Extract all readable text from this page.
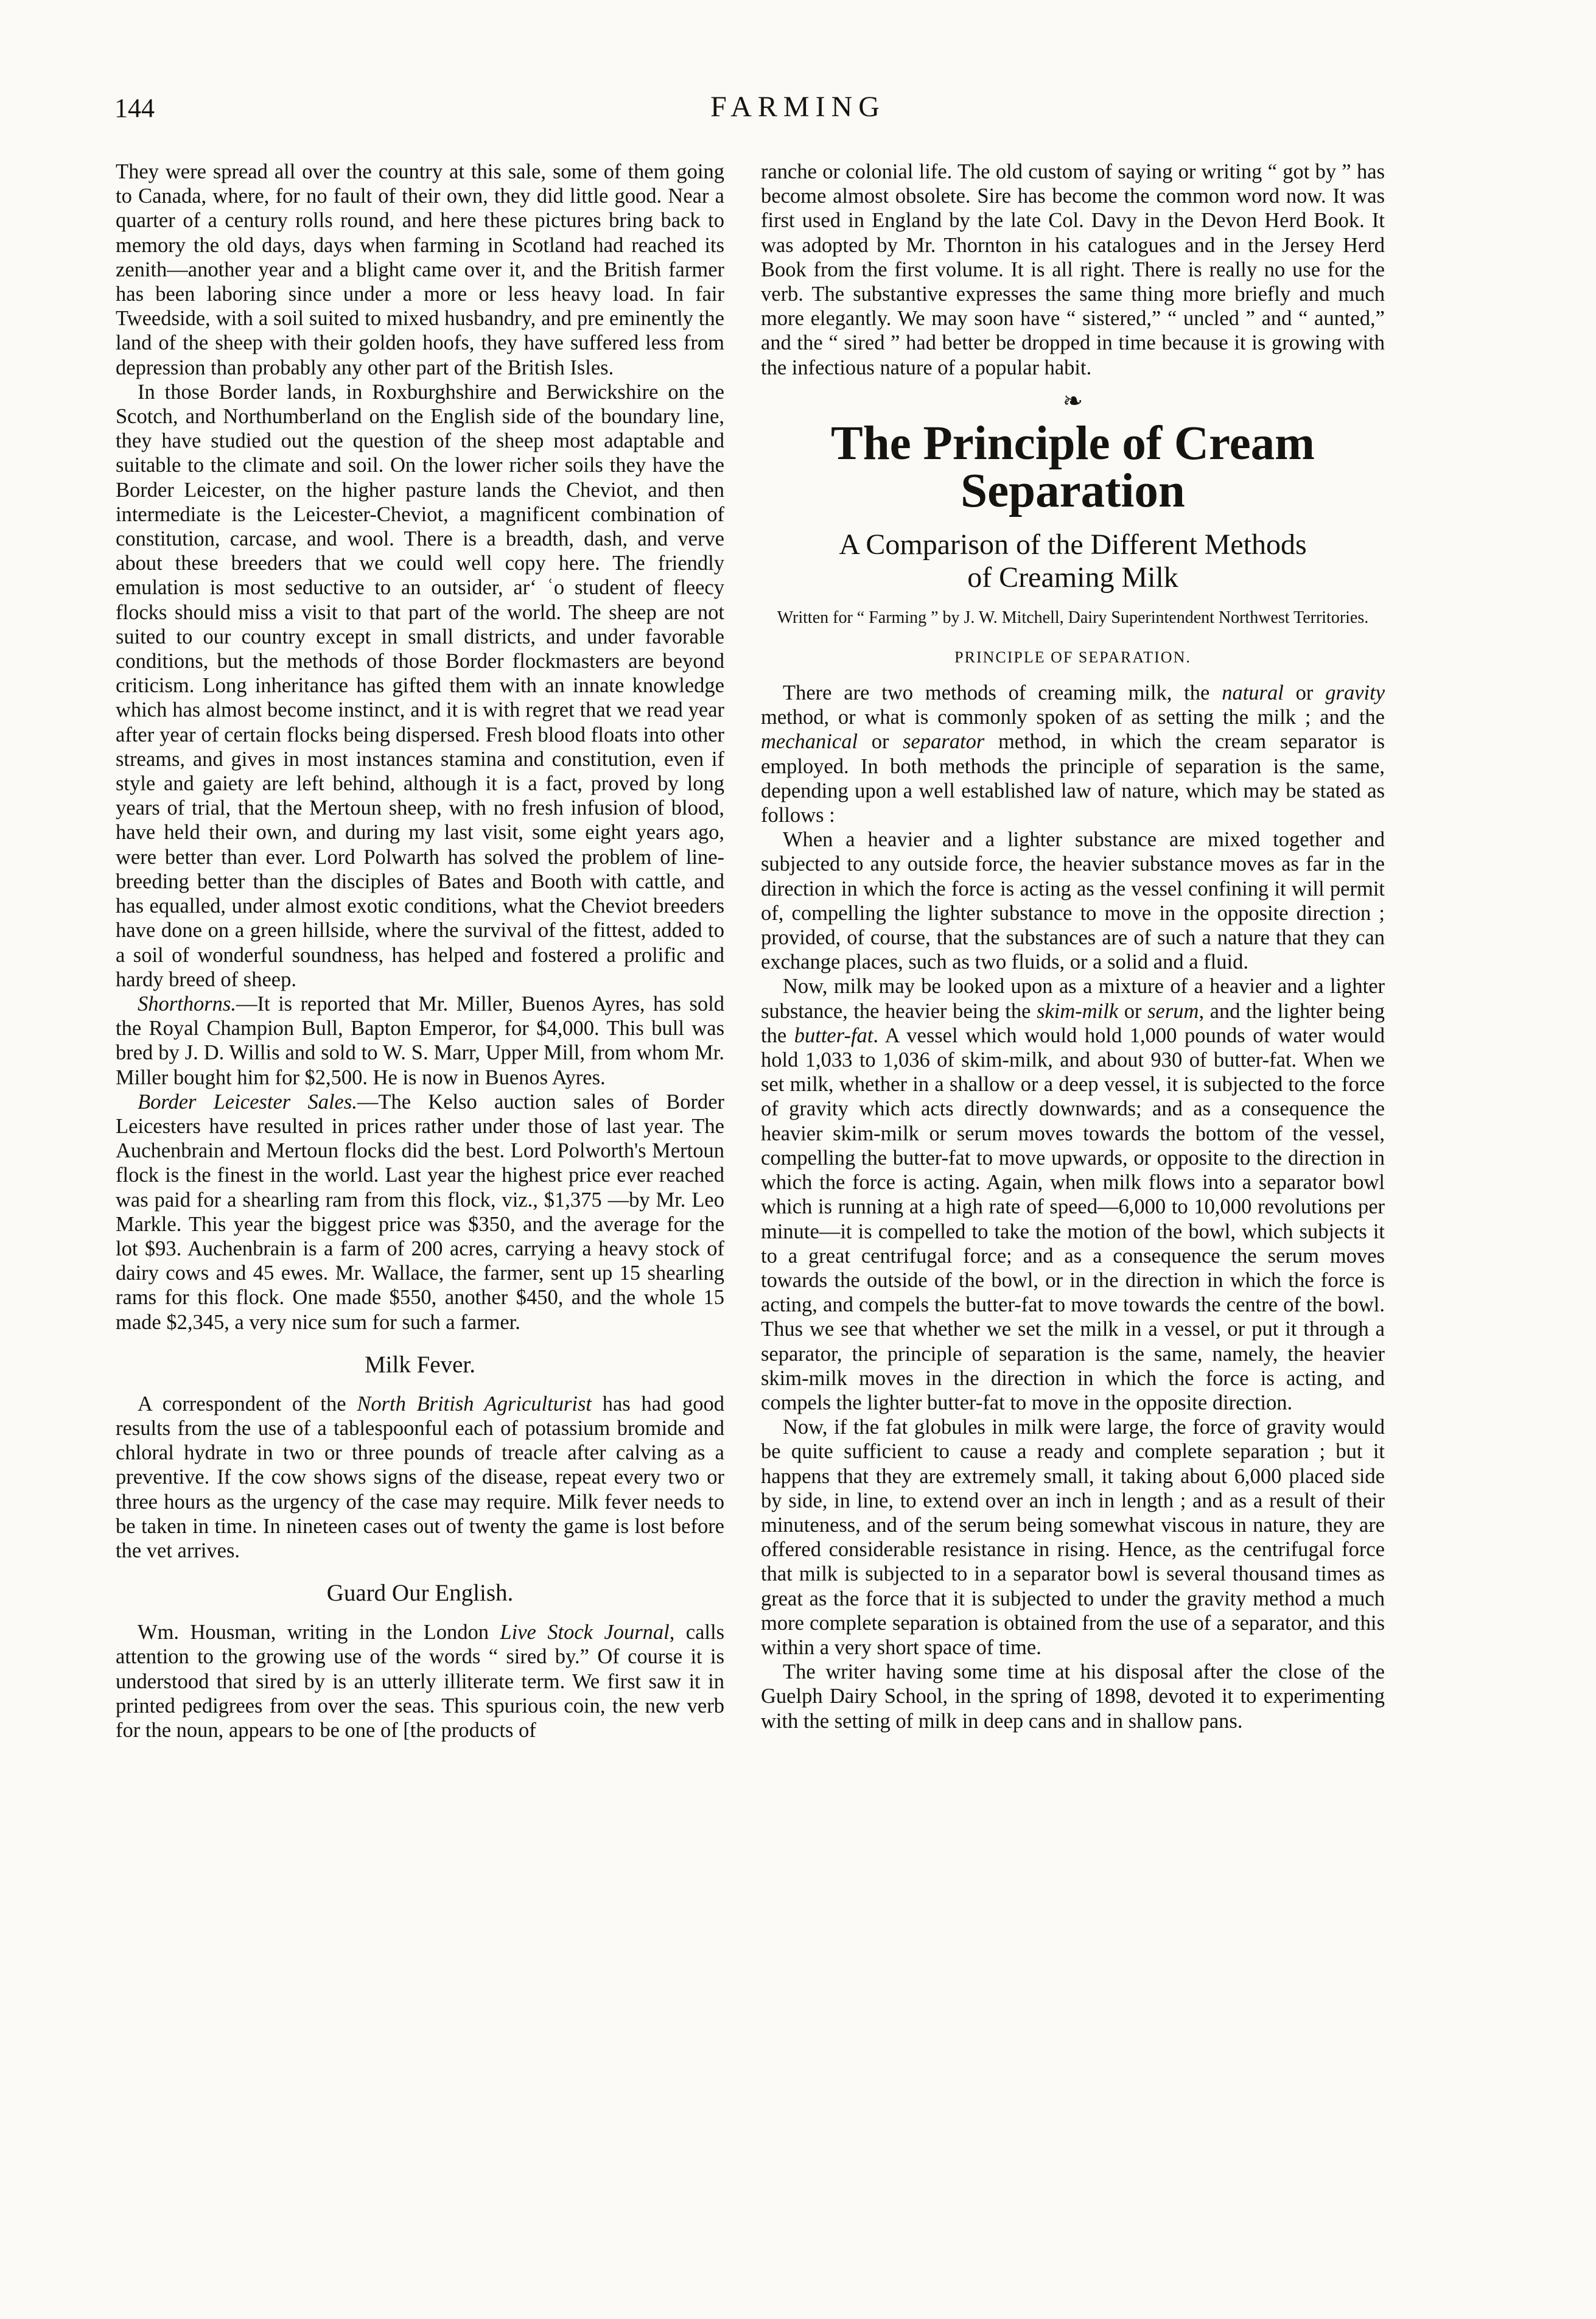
144	FARMING

They were spread all over the country at this sale, some of them going to Canada, where, for no fault of their own, they did little good. Near a quarter of a century rolls round, and here these pictures bring back to memory the old days, days when farming in Scotland had reached its zenith—another year and a blight came over it, and the British farmer has been laboring since under a more or less heavy load. In fair Tweedside, with a soil suited to mixed husbandry, and pre eminently the land of the sheep with their golden hoofs, they have suffered less from depression than probably any other part of the British Isles.

In those Border lands, in Roxburghshire and Berwickshire on the Scotch, and Northumberland on the English side of the boundary line, they have studied out the question of the sheep most adaptable and suitable to the climate and soil. On the lower richer soils they have the Border Leicester, on the higher pasture lands the Cheviot, and then intermediate is the Leicester-Cheviot, a magnificent combination of constitution, carcase, and wool. There is a breadth, dash, and verve about these breeders that we could well copy here. The friendly emulation is most seductive to an outsider, ar‘ ʿo student of fleecy flocks should miss a visit to that part of the world. The sheep are not suited to our country except in small districts, and under favorable conditions, but the methods of those Border flockmasters are beyond criticism. Long inheritance has gifted them with an innate knowledge which has almost become instinct, and it is with regret that we read year after year of certain flocks being dispersed. Fresh blood floats into other streams, and gives in most instances stamina and constitution, even if style and gaiety are left behind, although it is a fact, proved by long years of trial, that the Mertoun sheep, with no fresh infusion of blood, have held their own, and during my last visit, some eight years ago, were better than ever. Lord Polwarth has solved the problem of line-breeding better than the disciples of Bates and Booth with cattle, and has equalled, under almost exotic conditions, what the Cheviot breeders have done on a green hillside, where the survival of the fittest, added to a soil of wonderful soundness, has helped and fostered a prolific and hardy breed of sheep.

Shorthorns.—It is reported that Mr. Miller, Buenos Ayres, has sold the Royal Champion Bull, Bapton Emperor, for $4,000. This bull was bred by J. D. Willis and sold to W. S. Marr, Upper Mill, from whom Mr. Miller bought him for $2,500. He is now in Buenos Ayres.

Border Leicester Sales.—The Kelso auction sales of Border Leicesters have resulted in prices rather under those of last year. The Auchenbrain and Mertoun flocks did the best. Lord Polworth's Mertoun flock is the finest in the world. Last year the highest price ever reached was paid for a shearling ram from this flock, viz., $1,375 —by Mr. Leo Markle. This year the biggest price was $350, and the average for the lot $93. Auchenbrain is a farm of 200 acres, carrying a heavy stock of dairy cows and 45 ewes. Mr. Wallace, the farmer, sent up 15 shearling rams for this flock. One made $550, another $450, and the whole 15 made $2,345, a very nice sum for such a farmer.

Milk Fever.

A correspondent of the North British Agriculturist has had good results from the use of a tablespoonful each of potassium bromide and chloral hydrate in two or three pounds of treacle after calving as a preventive. If the cow shows signs of the disease, repeat every two or three hours as the urgency of the case may require. Milk fever needs to be taken in time. In nineteen cases out of twenty the game is lost before the vet arrives.

Guard Our English.

Wm. Housman, writing in the London Live Stock Journal, calls attention to the growing use of the words “ sired by.” Of course it is understood that sired by is an utterly illiterate term. We first saw it in printed pedigrees from over the seas. This spurious coin, the new verb for the noun, appears to be one of [the products of

ranche or colonial life. The old custom of saying or writing “ got by ” has become almost obsolete. Sire has become the common word now. It was first used in England by the late Col. Davy in the Devon Herd Book. It was adopted by Mr. Thornton in his catalogues and in the Jersey Herd Book from the first volume. It is all right. There is really no use for the verb. The substantive expresses the same thing more briefly and much more elegantly. We may soon have “ sistered,” “ uncled ” and “ aunted,” and the “ sired ” had better be dropped in time because it is growing with the infectious nature of a popular habit.

❧
The Principle of Cream
Separation
A Comparison of the Different Methods
of Creaming Milk
Written for “ Farming ” by J. W. Mitchell, Dairy Superintendent Northwest Territories.
PRINCIPLE OF SEPARATION.

There are two methods of creaming milk, the natural or gravity method, or what is commonly spoken of as setting the milk ; and the mechanical or separator method, in which the cream separator is employed. In both methods the principle of separation is the same, depending upon a well established law of nature, which may be stated as follows :

When a heavier and a lighter substance are mixed together and subjected to any outside force, the heavier substance moves as far in the direction in which the force is acting as the vessel confining it will permit of, compelling the lighter substance to move in the opposite direction ; provided, of course, that the substances are of such a nature that they can exchange places, such as two fluids, or a solid and a fluid.

Now, milk may be looked upon as a mixture of a heavier and a lighter substance, the heavier being the skim-milk or serum, and the lighter being the butter-fat. A vessel which would hold 1,000 pounds of water would hold 1,033 to 1,036 of skim-milk, and about 930 of butter-fat. When we set milk, whether in a shallow or a deep vessel, it is subjected to the force of gravity which acts directly downwards; and as a consequence the heavier skim-milk or serum moves towards the bottom of the vessel, compelling the butter-fat to move upwards, or opposite to the direction in which the force is acting. Again, when milk flows into a separator bowl which is running at a high rate of speed—6,000 to 10,000 revolutions per minute—it is compelled to take the motion of the bowl, which subjects it to a great centrifugal force; and as a consequence the serum moves towards the outside of the bowl, or in the direction in which the force is acting, and compels the butter-fat to move towards the centre of the bowl. Thus we see that whether we set the milk in a vessel, or put it through a separator, the principle of separation is the same, namely, the heavier skim-milk moves in the direction in which the force is acting, and compels the lighter butter-fat to move in the opposite direction.

Now, if the fat globules in milk were large, the force of gravity would be quite sufficient to cause a ready and complete separation ; but it happens that they are extremely small, it taking about 6,000 placed side by side, in line, to extend over an inch in length ; and as a result of their minuteness, and of the serum being somewhat viscous in nature, they are offered considerable resistance in rising. Hence, as the centrifugal force that milk is subjected to in a separator bowl is several thousand times as great as the force that it is subjected to under the gravity method a much more complete separation is obtained from the use of a separator, and this within a very short space of time.

The writer having some time at his disposal after the close of the Guelph Dairy School, in the spring of 1898, devoted it to experimenting with the setting of milk in deep cans and in shallow pans.
